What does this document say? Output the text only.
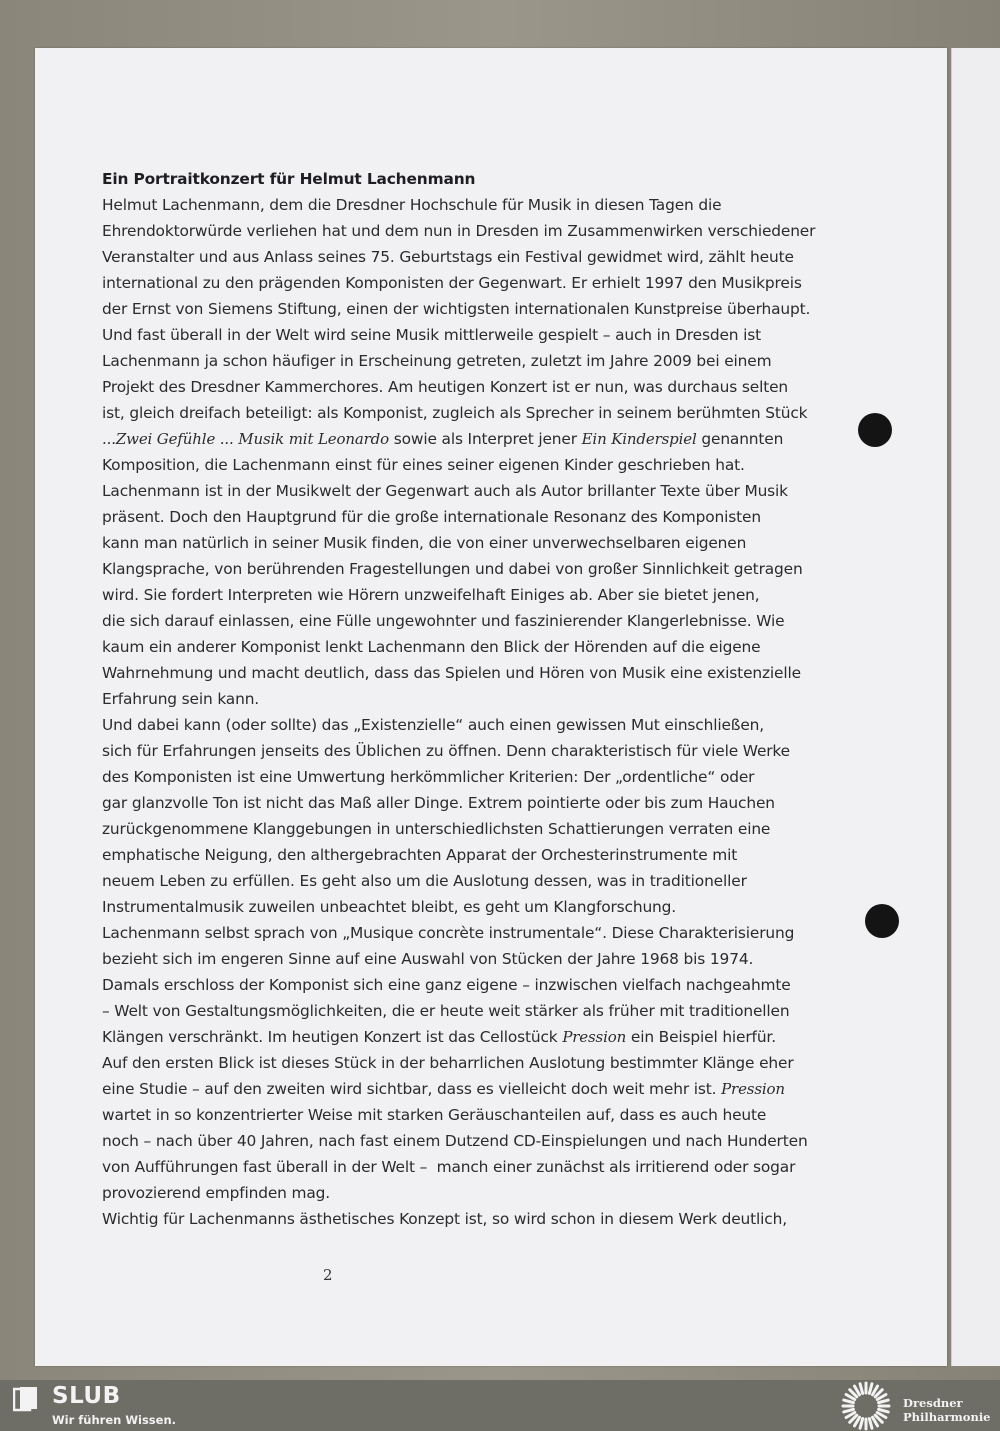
Ein Portraitkonzert für Helmut Lachenmann
Helmut Lachenmann, dem die Dresdner Hochschule für Musik in diesen Tagen die
Ehrendoktorwürde verliehen hat und dem nun in Dresden im Zusammenwirken verschiedener
Veranstalter und aus Anlass seines 75. Geburtstags ein Festival gewidmet wird, zählt heute
international zu den prägenden Komponisten der Gegenwart. Er erhielt 1997 den Musikpreis
der Ernst von Siemens Stiftung, einen der wichtigsten internationalen Kunstpreise überhaupt.
Und fast überall in der Welt wird seine Musik mittlerweile gespielt – auch in Dresden ist
Lachenmann ja schon häufiger in Erscheinung getreten, zuletzt im Jahre 2009 bei einem
Projekt des Dresdner Kammerchores. Am heutigen Konzert ist er nun, was durchaus selten
ist, gleich dreifach beteiligt: als Komponist, zugleich als Sprecher in seinem berühmten Stück
...Zwei Gefühle ... Musik mit Leonardo sowie als Interpret jener Ein Kinderspiel genannten
Komposition, die Lachenmann einst für eines seiner eigenen Kinder geschrieben hat.
Lachenmann ist in der Musikwelt der Gegenwart auch als Autor brillanter Texte über Musik
präsent. Doch den Hauptgrund für die große internationale Resonanz des Komponisten
kann man natürlich in seiner Musik finden, die von einer unverwechselbaren eigenen
Klangsprache, von berührenden Fragestellungen und dabei von großer Sinnlichkeit getragen
wird. Sie fordert Interpreten wie Hörern unzweifelhaft Einiges ab. Aber sie bietet jenen,
die sich darauf einlassen, eine Fülle ungewohnter und faszinierender Klangerlebnisse. Wie
kaum ein anderer Komponist lenkt Lachenmann den Blick der Hörenden auf die eigene
Wahrnehmung und macht deutlich, dass das Spielen und Hören von Musik eine existenzielle
Erfahrung sein kann.
Und dabei kann (oder sollte) das „Existenzielle“ auch einen gewissen Mut einschließen,
sich für Erfahrungen jenseits des Üblichen zu öffnen. Denn charakteristisch für viele Werke
des Komponisten ist eine Umwertung herkömmlicher Kriterien: Der „ordentliche“ oder
gar glanzvolle Ton ist nicht das Maß aller Dinge. Extrem pointierte oder bis zum Hauchen
zurückgenommene Klanggebungen in unterschiedlichsten Schattierungen verraten eine
emphatische Neigung, den althergebrachten Apparat der Orchesterinstrumente mit
neuem Leben zu erfüllen. Es geht also um die Auslotung dessen, was in traditioneller
Instrumentalmusik zuweilen unbeachtet bleibt, es geht um Klangforschung.
Lachenmann selbst sprach von „Musique concrète instrumentale“. Diese Charakterisierung
bezieht sich im engeren Sinne auf eine Auswahl von Stücken der Jahre 1968 bis 1974.
Damals erschloss der Komponist sich eine ganz eigene – inzwischen vielfach nachgeahmte
– Welt von Gestaltungsmöglichkeiten, die er heute weit stärker als früher mit traditionellen
Klängen verschränkt. Im heutigen Konzert ist das Cellostück Pression ein Beispiel hierfür.
Auf den ersten Blick ist dieses Stück in der beharrlichen Auslotung bestimmter Klänge eher
eine Studie – auf den zweiten wird sichtbar, dass es vielleicht doch weit mehr ist. Pression
wartet in so konzentrierter Weise mit starken Geräuschanteilen auf, dass es auch heute
noch – nach über 40 Jahren, nach fast einem Dutzend CD-Einspielungen und nach Hunderten
von Aufführungen fast überall in der Welt –  manch einer zunächst als irritierend oder sogar
provozierend empfinden mag.
Wichtig für Lachenmanns ästhetisches Konzept ist, so wird schon in diesem Werk deutlich,
2
SLUB
Wir führen Wissen.
Dresdner
Philharmonie
